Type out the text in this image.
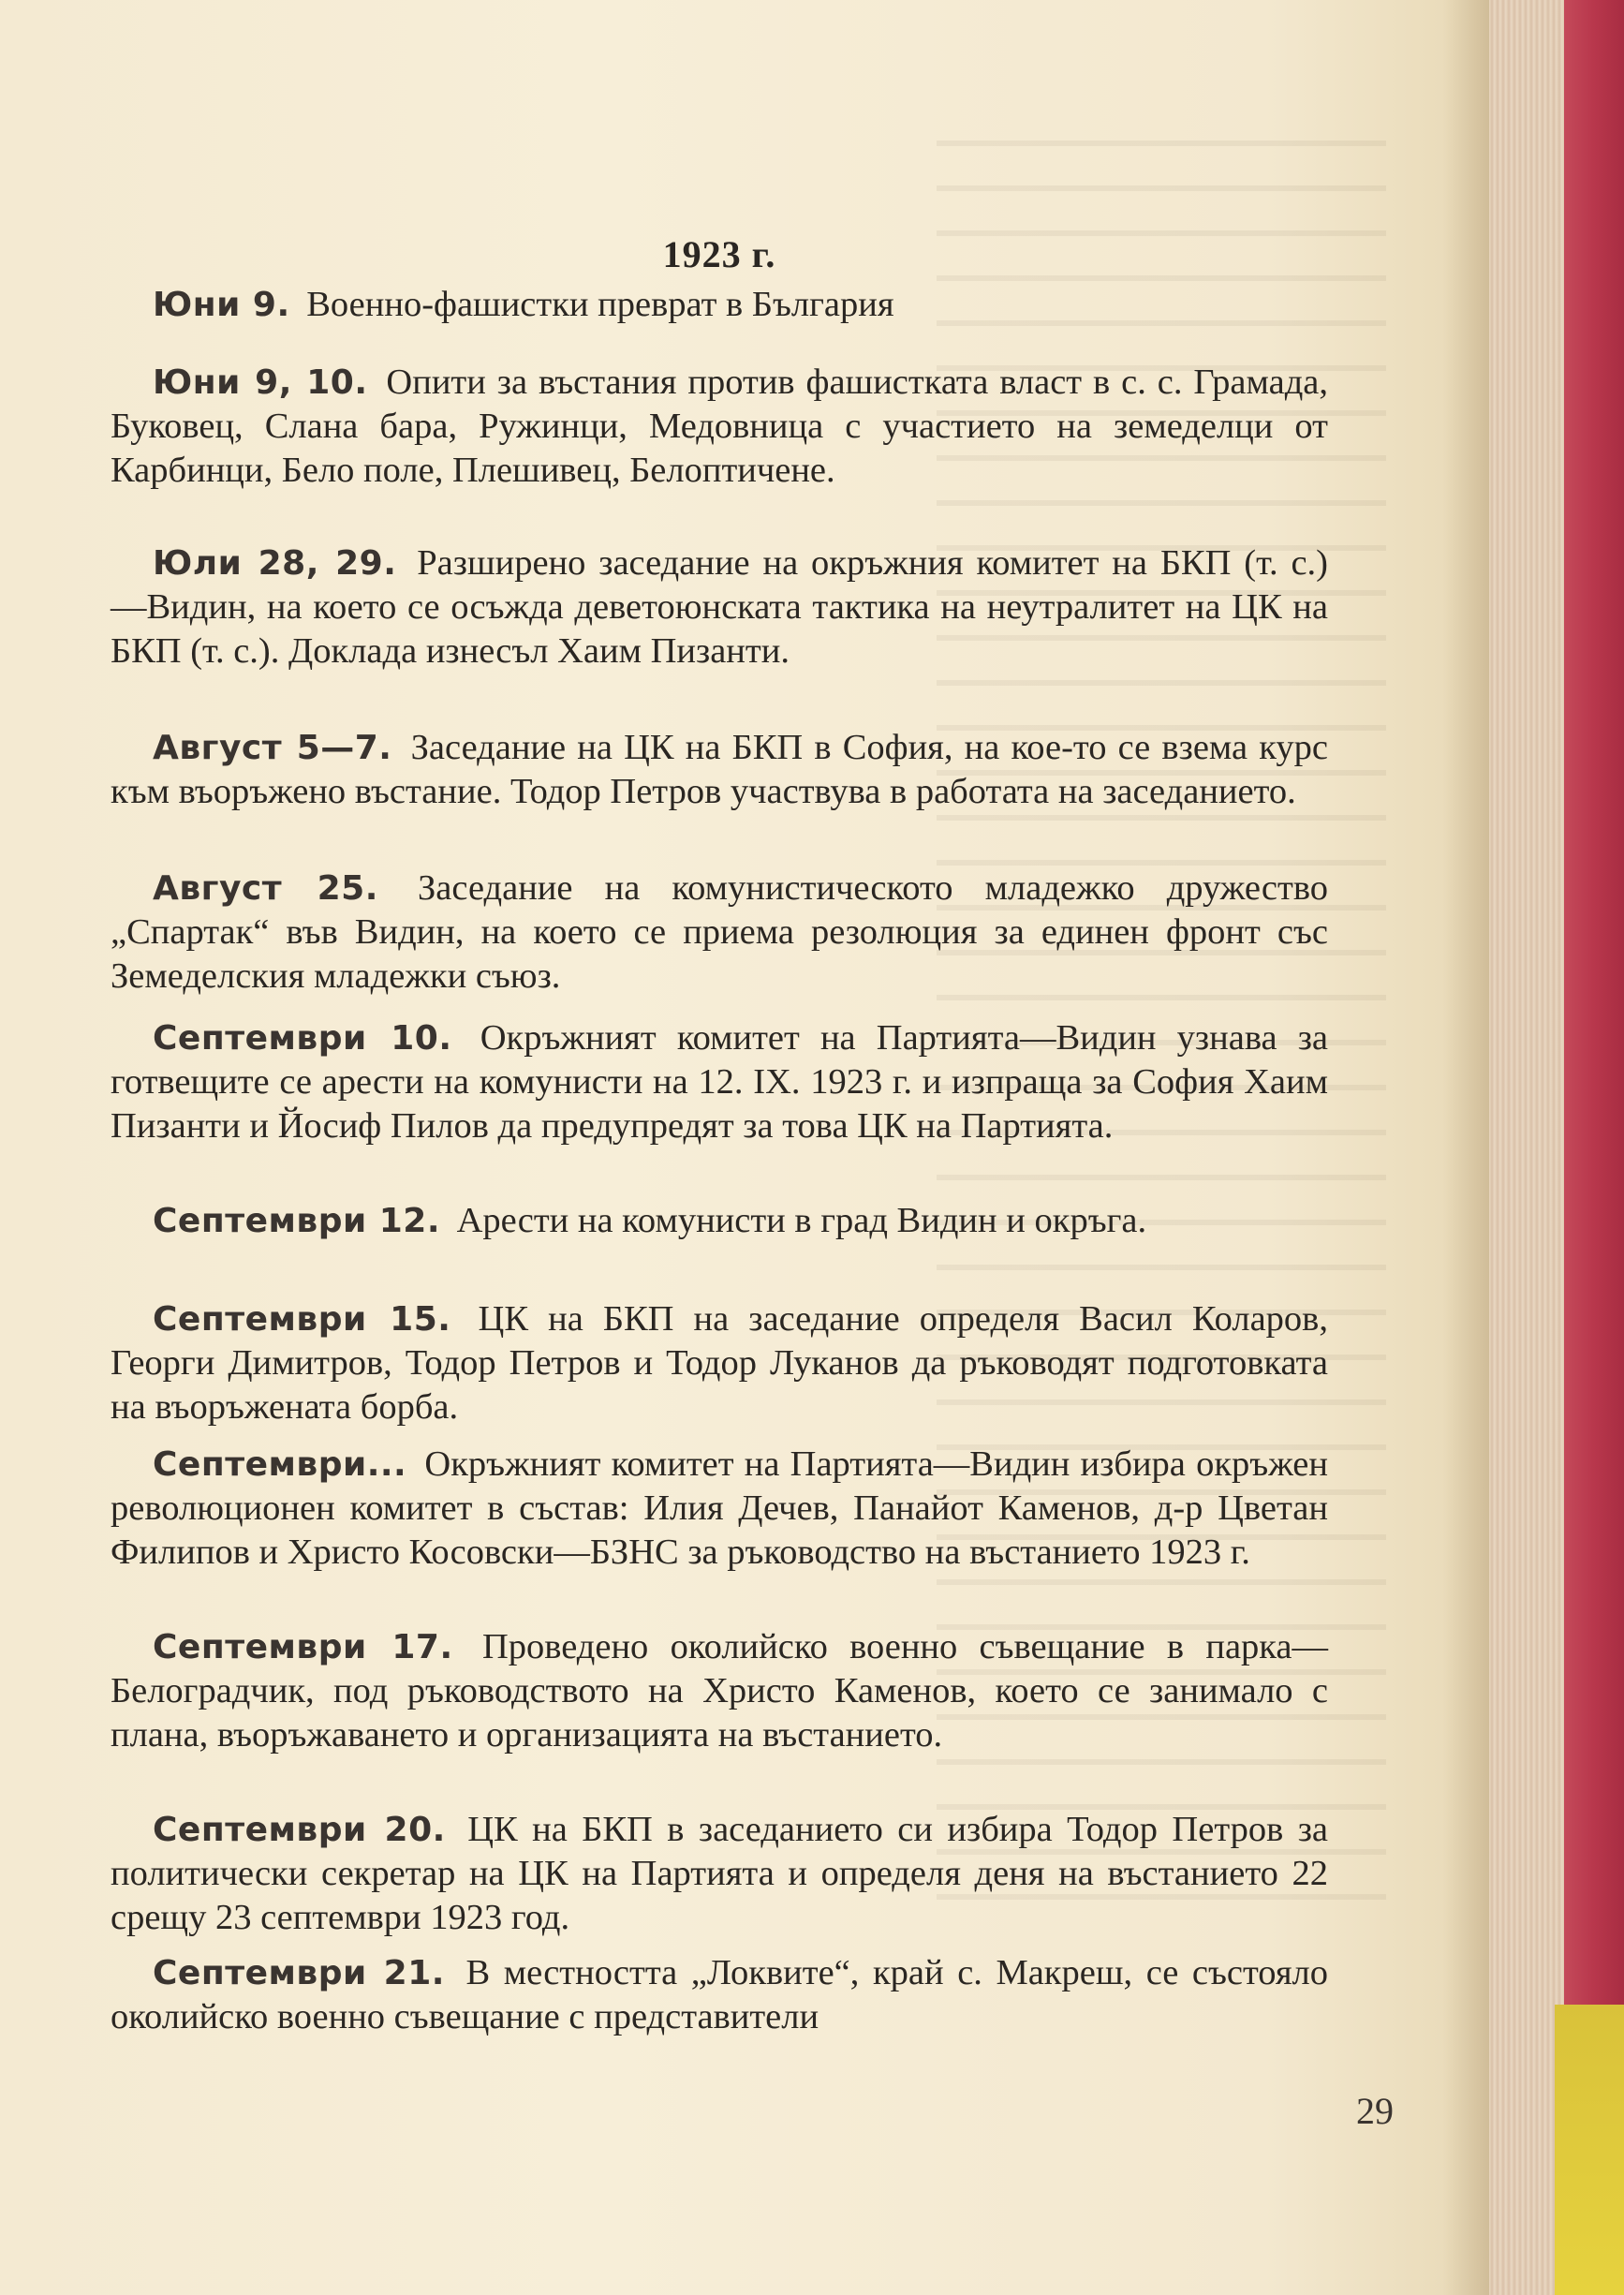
1923 г.

Юни 9. Военно-фашистки преврат в България

Юни 9, 10. Опити за въстания против фашистката власт в с. с. Грамада, Буковец, Слана бара, Ружинци, Медовница с участието на земеделци от Карбинци, Бело поле, Плешивец, Белоптичене.

Юли 28, 29. Разширено заседание на окръжния комитет на БКП (т. с.) —Видин, на което се осъжда деветоюнската тактика на неутралитет на ЦК на БКП (т. с.). Доклада изнесъл Хаим Пизанти.

Август 5—7. Заседание на ЦК на БКП в София, на кое-то се взема курс към въоръжено въстание. Тодор Петров участвува в работата на заседанието.

Август 25. Заседание на комунистическото младежко дружество „Спартак“ във Видин, на което се приема резолюция за единен фронт със Земеделския младежки съюз.

Септември 10. Окръжният комитет на Партията—Видин узнава за готвещите се арести на комунисти на 12. IX. 1923 г. и изпраща за София Хаим Пизанти и Йосиф Пилов да предупредят за това ЦК на Партията.

Септември 12. Арести на комунисти в град Видин и окръга.

Септември 15. ЦК на БКП на заседание определя Васил Коларов, Георги Димитров, Тодор Петров и Тодор Луканов да ръководят подготовката на въоръжената борба.

Септември... Окръжният комитет на Партията—Видин избира окръжен революционен комитет в състав: Илия Дечев, Панайот Каменов, д-р Цветан Филипов и Христо Косовски—БЗНС за ръководство на въстанието 1923 г.

Септември 17. Проведено околийско военно съвещание в парка—Белоградчик, под ръководството на Христо Каменов, което се занимало с плана, въоръжаването и организацията на въстанието.

Септември 20. ЦК на БКП в заседанието си избира Тодор Петров за политически секретар на ЦК на Партията и определя деня на въстанието 22 срещу 23 септември 1923 год.

Септември 21. В местността „Локвите“, край с. Макреш, се състояло околийско военно съвещание с представители

29
